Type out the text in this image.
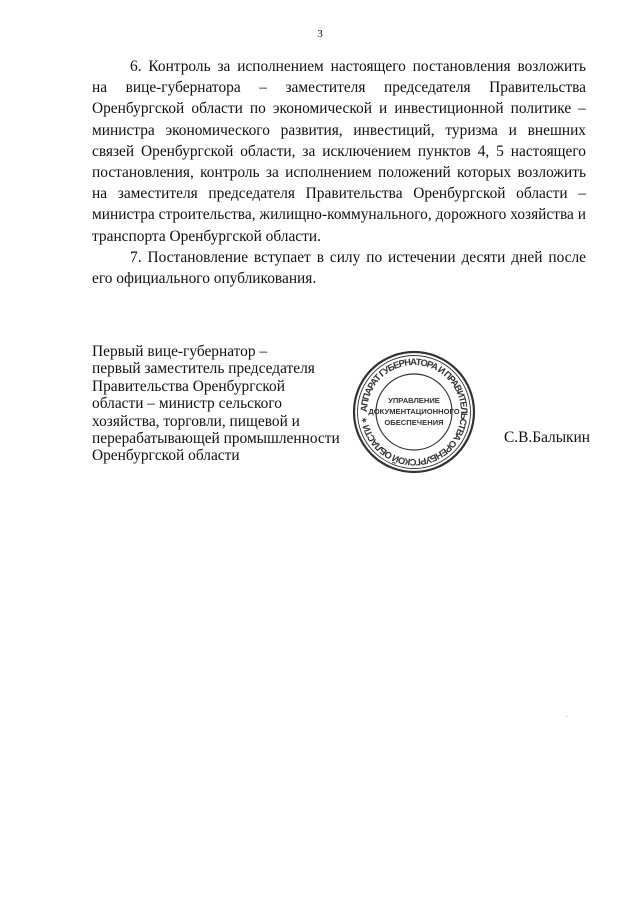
3

6. Контроль за исполнением настоящего постановления возложить на вице-губернатора – заместителя председателя Правительства Оренбургской области по экономической и инвестиционной политике – министра экономического развития, инвестиций, туризма и внешних связей Оренбургской области, за исключением пунктов 4, 5 настоящего постановления, контроль за исполнением положений которых возложить на заместителя председателя Правительства Оренбургской области – министра строительства, жилищно-коммунального, дорожного хозяйства и транспорта Оренбургской области.

7. Постановление вступает в силу по истечении десяти дней после его официального опубликования.

Первый вице-губернатор –
первый заместитель председателя
Правительства Оренбургской
области – министр сельского
хозяйства, торговли, пищевой и
перерабатывающей промышленности
Оренбургской области
АППАРАТ ГУБЕРНАТОРА И ПРАВИТЕЛЬСТВА ОРЕНБУРГСКОЙ ОБЛАСТИ ✶
УПРАВЛЕНИЕ
ДОКУМЕНТАЦИОННОГО
ОБЕСПЕЧЕНИЯ
С.В.Балыкин
